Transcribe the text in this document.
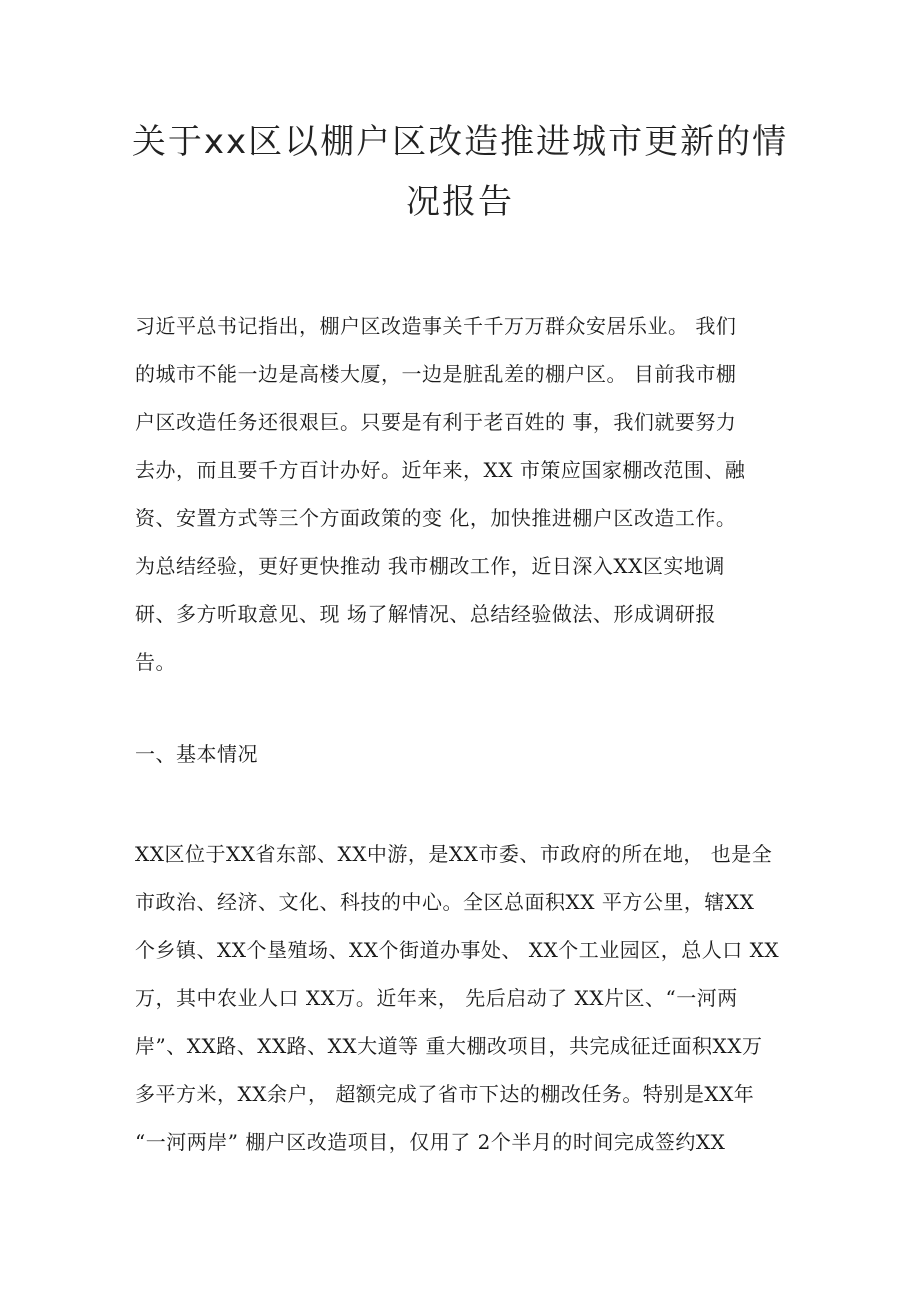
关于xx区以棚户区改造推进城市更新的情
况报告

习近平总书记指出，棚户区改造事关千千万万群众安居乐业。 我们
的城市不能一边是高楼大厦，一边是脏乱差的棚户区。 目前我市棚
户区改造任务还很艰巨。只要是有利于老百姓的 事，我们就要努力
去办，而且要千方百计办好。近年来，XX 市策应国家棚改范围、融
资、安置方式等三个方面政策的变 化，加快推进棚户区改造工作。
为总结经验，更好更快推动 我市棚改工作，近日深入XX区实地调
研、多方听取意见、现 场了解情况、总结经验做法、形成调研报
告。

一、基本情况

XX区位于XX省东部、XX中游，是XX市委、市政府的所在地， 也是全
市政治、经济、文化、科技的中心。全区总面积XX 平方公里，辖XX
个乡镇、XX个垦殖场、XX个街道办事处、 XX个工业园区，总人口 XX
万，其中农业人口 XX万。近年来， 先后启动了 XX片区、“一河两
岸”、XX路、XX路、XX大道等 重大棚改项目，共完成征迁面积XX万
多平方米，XX余户， 超额完成了省市下达的棚改任务。特别是XX年
“一河两岸” 棚户区改造项目，仅用了 2个半月的时间完成签约XX
